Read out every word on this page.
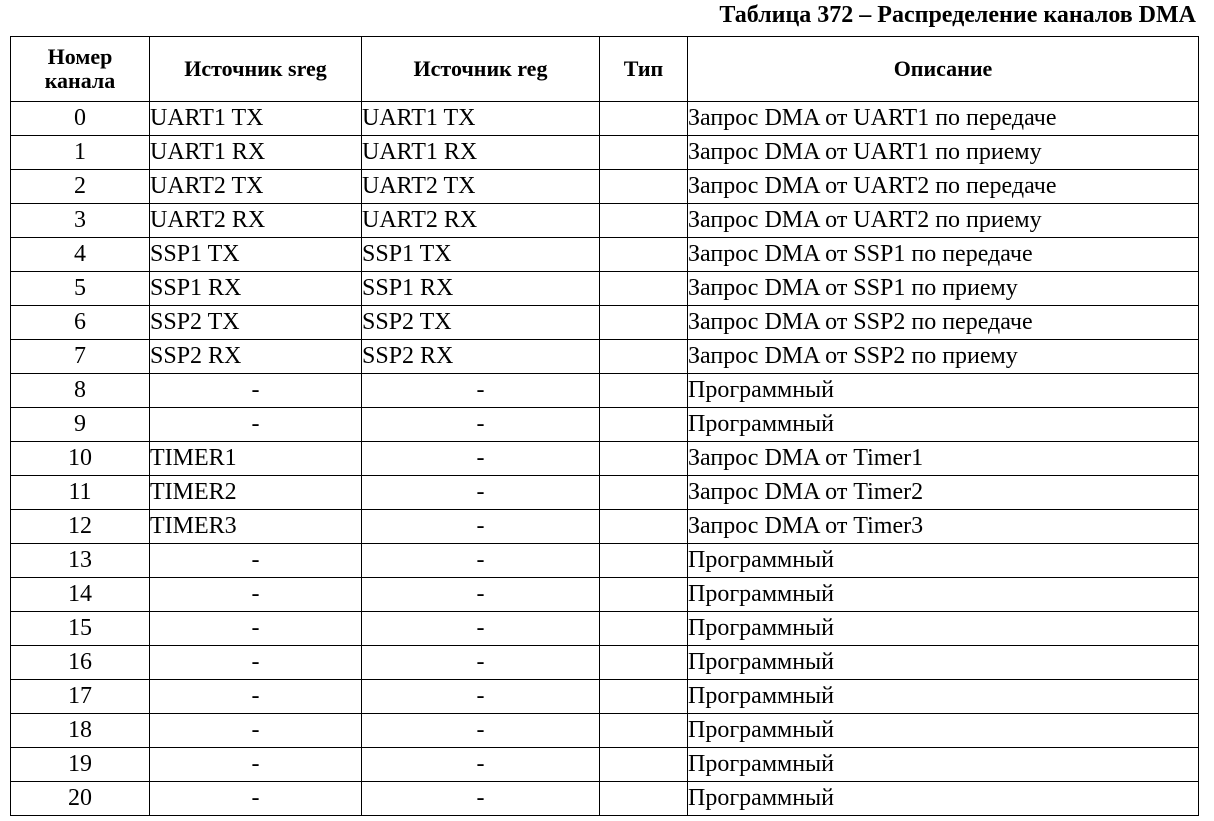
Таблица 372 – Распределение каналов DMA
Номер
канала	Источник sreg	Источник reg	Тип	Описание
0	UART1 TX	UART1 TX		Запрос DMA от UART1 по передаче
1	UART1 RX	UART1 RX		Запрос DMA от UART1 по приему
2	UART2 TX	UART2 TX		Запрос DMA от UART2 по передаче
3	UART2 RX	UART2 RX		Запрос DMA от UART2 по приему
4	SSP1 TX	SSP1 TX		Запрос DMA от SSP1 по передаче
5	SSP1 RX	SSP1 RX		Запрос DMA от SSP1 по приему
6	SSP2 TX	SSP2 TX		Запрос DMA от SSP2 по передаче
7	SSP2 RX	SSP2 RX		Запрос DMA от SSP2 по приему
8	-	-		Программный
9	-	-		Программный
10	TIMER1	-		Запрос DMA от Timer1
11	TIMER2	-		Запрос DMA от Timer2
12	TIMER3	-		Запрос DMA от Timer3
13	-	-		Программный
14	-	-		Программный
15	-	-		Программный
16	-	-		Программный
17	-	-		Программный
18	-	-		Программный
19	-	-		Программный
20	-	-		Программный
